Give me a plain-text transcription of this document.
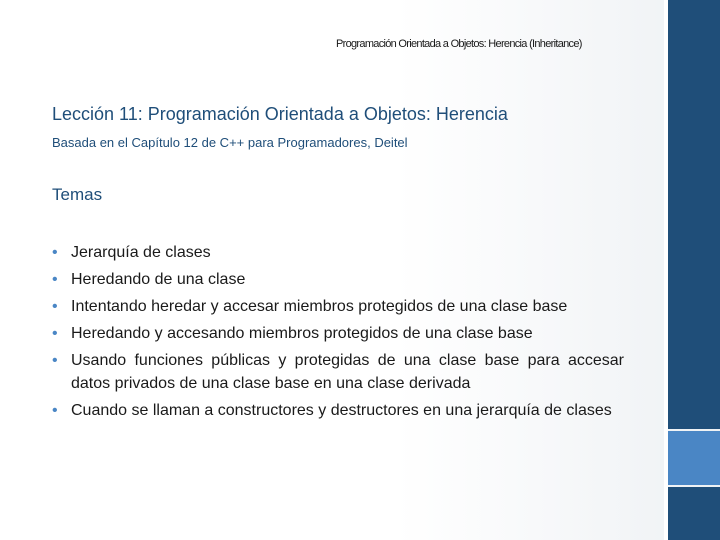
Programación Orientada a Objetos: Herencia (Inheritance)
Lección 11: Programación Orientada a Objetos: Herencia
Basada en el Capítulo 12 de C++ para Programadores, Deitel
Temas
• Jerarquía de clases
• Heredando de una clase
• Intentando heredar y accesar miembros protegidos de una clase base
• Heredando y accesando miembros protegidos de una clase base
• Usando funciones públicas y protegidas de una clase base para accesar datos privados de una clase base en una clase derivada
• Cuando se llaman a constructores y destructores en una jerarquía de clases
